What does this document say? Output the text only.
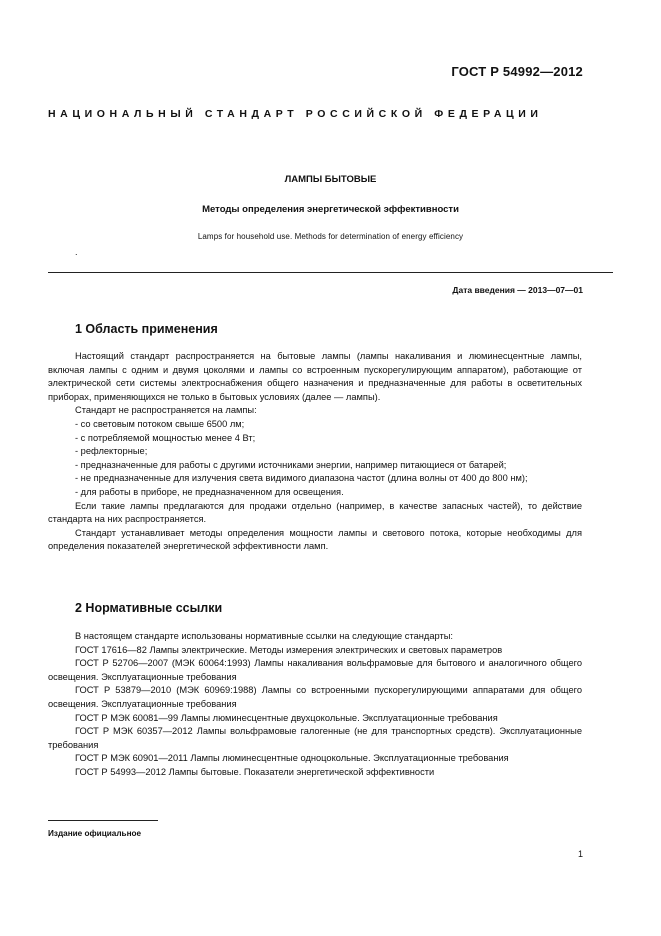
ГОСТ Р 54992—2012
НАЦИОНАЛЬНЫЙ СТАНДАРТ РОССИЙСКОЙ ФЕДЕРАЦИИ
ЛАМПЫ БЫТОВЫЕ
Методы определения энергетической эффективности
Lamps for household use. Methods for determination of energy efficiency
.
Дата введения — 2013—07—01
1 Область применения

Настоящий стандарт распространяется на бытовые лампы (лампы накаливания и люминесцентные лампы, включая лампы с одним и двумя цоколями и лампы со встроенным пускорегулирующим аппаратом), работающие от электрической сети системы электроснабжения общего назначения и предназначенные для работы в осветительных приборах, применяющихся не только в бытовых условиях (далее — лампы).

Стандарт не распространяется на лампы:

- со световым потоком свыше 6500 лм;

- с потребляемой мощностью менее 4 Вт;

- рефлекторные;

- предназначенные для работы с другими источниками энергии, например питающиеся от батарей;

- не предназначенные для излучения света видимого диапазона частот (длина волны от 400 до 800 нм);

- для работы в приборе, не предназначенном для освещения.

Если такие лампы предлагаются для продажи отдельно (например, в качестве запасных частей), то действие стандарта на них распространяется.

Стандарт устанавливает методы определения мощности лампы и светового потока, которые необходимы для определения показателей энергетической эффективности ламп.

2 Нормативные ссылки

В настоящем стандарте использованы нормативные ссылки на следующие стандарты:

ГОСТ 17616—82 Лампы электрические. Методы измерения электрических и световых параметров

ГОСТ Р 52706—2007 (МЭК 60064:1993) Лампы накаливания вольфрамовые для бытового и аналогичного общего освещения. Эксплуатационные требования

ГОСТ Р 53879—2010 (МЭК 60969:1988) Лампы со встроенными пускорегулирующими аппаратами для общего освещения. Эксплуатационные требования

ГОСТ Р МЭК 60081—99 Лампы люминесцентные двухцокольные. Эксплуатационные требования

ГОСТ Р МЭК 60357—2012 Лампы вольфрамовые галогенные (не для транспортных средств). Эксплуатационные требования

ГОСТ Р МЭК 60901—2011 Лампы люминесцентные одноцокольные. Эксплуатационные требования

ГОСТ Р 54993—2012 Лампы бытовые. Показатели энергетической эффективности

Издание официальное
1
